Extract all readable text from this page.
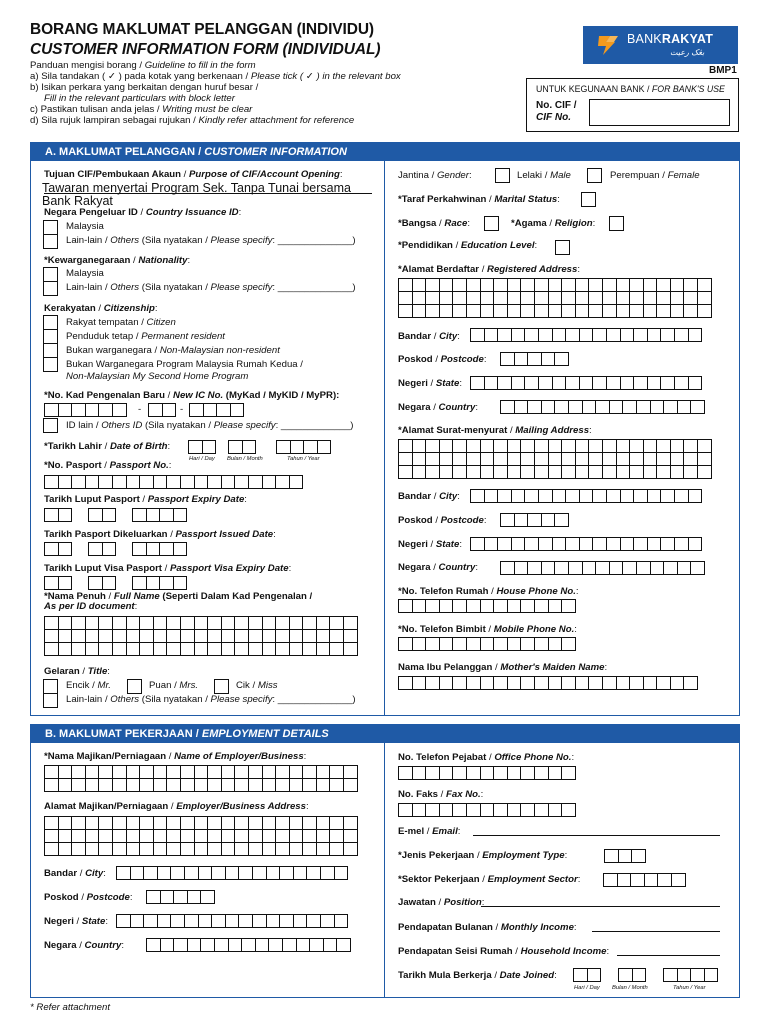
BORANG MAKLUMAT PELANGGAN (INDIVIDU)
CUSTOMER INFORMATION FORM (INDIVIDUAL)
Panduan mengisi borang / Guideline to fill in the form
a) Sila tandakan ( ✓ ) pada kotak yang berkenaan / Please tick ( ✓ ) in the relevant box
b) Isikan perkara yang berkaitan dengan huruf besar /
Fill in the relevant particulars with block letter
c) Pastikan tulisan anda jelas / Writing must be clear
d) Sila rujuk lampiran sebagai rujukan / Kindly refer attachment for reference
BANKRAKYAT
بڠک رعيت
BMP1
UNTUK KEGUNAAN BANK / FOR BANK'S USE
No. CIF /
CIF No.
A. MAKLUMAT PELANGGAN / CUSTOMER INFORMATION
Tujuan CIF/Pembukaan Akaun / Purpose of CIF/Account Opening:
Tawaran menyertai Program Sek. Tanpa Tunai bersama
Bank Rakyat
Negara Pengeluar ID / Country Issuance ID:
Malaysia
Lain-lain / Others (Sila nyatakan / Please specify: ______________)
*Kewarganegaraan / Nationality:
Malaysia
Lain-lain / Others (Sila nyatakan / Please specify: ______________)
Kerakyatan / Citizenship:
Rakyat tempatan / Citizen
Penduduk tetap / Permanent resident
Bukan warganegara / Non-Malaysian non-resident
Bukan Warganegara Program Malaysia Rumah Kedua /
Non-Malaysian My Second Home Program
*No. Kad Pengenalan Baru / New IC No. (MyKad / MyKID / MyPR):
-	-
ID lain / Others ID (Sila nyatakan / Please specify: _____________)
*Tarikh Lahir / Date of Birth:
Hari / Day Bulan / Month	Tahun / Year
*No. Pasport / Passport No.:
Tarikh Luput Pasport / Passport Expiry Date:
Tarikh Pasport Dikeluarkan / Passport Issued Date:
Tarikh Luput Visa Pasport / Passport Visa Expiry Date:
*Nama Penuh / Full Name (Seperti Dalam Kad Pengenalan /
As per ID document:
Gelaran / Title:
Encik / Mr.	Puan / Mrs.	Cik / Miss
Lain-lain / Others (Sila nyatakan / Please specify: ______________)
Jantina / Gender:	Lelaki / Male	Perempuan / Female
*Taraf Perkahwinan / Marital Status:
*Bangsa / Race:	*Agama / Religion:
*Pendidikan / Education Level:
*Alamat Berdaftar / Registered Address:
Bandar / City:
Poskod / Postcode:
Negeri / State:
Negara / Country:
*Alamat Surat-menyurat / Mailing Address:
Bandar / City:
Poskod / Postcode:
Negeri / State:
Negara / Country:
*No. Telefon Rumah / House Phone No.:
*No. Telefon Bimbit / Mobile Phone No.:
Nama Ibu Pelanggan / Mother's Maiden Name:
B. MAKLUMAT PEKERJAAN / EMPLOYMENT DETAILS
*Nama Majikan/Perniagaan / Name of Employer/Business:
Alamat Majikan/Perniagaan / Employer/Business Address:
Bandar / City:
Poskod / Postcode:
Negeri / State:
Negara / Country:
No. Telefon Pejabat / Office Phone No.:
No. Faks / Fax No.:
E-mel / Email:
*Jenis Pekerjaan / Employment Type:
*Sektor Pekerjaan / Employment Sector:
Jawatan / Position:
Pendapatan Bulanan / Monthly Income:
Pendapatan Seisi Rumah / Household Income:
Tarikh Mula Berkerja / Date Joined:
Hari / Day Bulan / Month	Tahun / Year
* Refer attachment
